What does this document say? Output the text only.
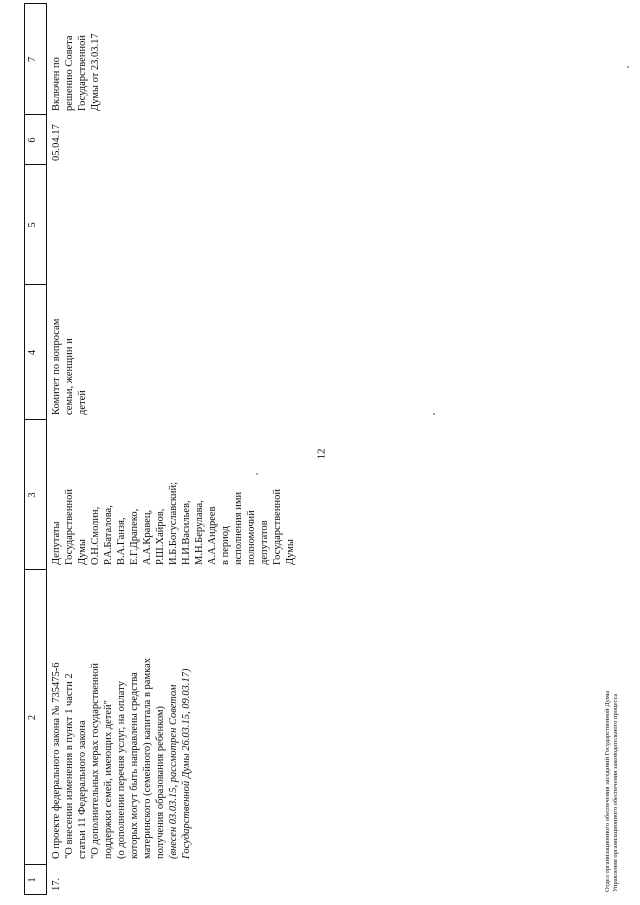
12
1
2
3
4
5
6
7
17.
О проекте федерального закона № 735475-6 "О внесении изменения в пункт 1 части 2 статьи 11 Федерального закона "О дополнительных мерах государственной поддержки семей, имеющих детей" (о дополнении перечня услуг, на оплату которых могут быть направлены средства материнского (семейного) капитала в рамках получения образования ребенком) (внесен 03.03.15, рассмотрен Советом Государственной Думы 26.03.15, 09.03.17)
Депутаты Государственной Думы О.Н.Смолин, Р.А.Баталова, В.А.Ганзя, Е.Г.Драпеко, А.А.Кравец, Р.Ш.Хайров, И.Б.Богуславский; Н.И.Васильев, М.Н.Берулава, А.А.Андреев в период исполнения ими полномочий депутатов Государственной Думы
Комитет по вопросам семьи, женщин и детей
05.04.17
Включен по решению Совета Государственной Думы от 23.03.17
Отдел организационного обеспечения заседаний Государственной Думы Управления организационного обеспечения законодательного процесса
